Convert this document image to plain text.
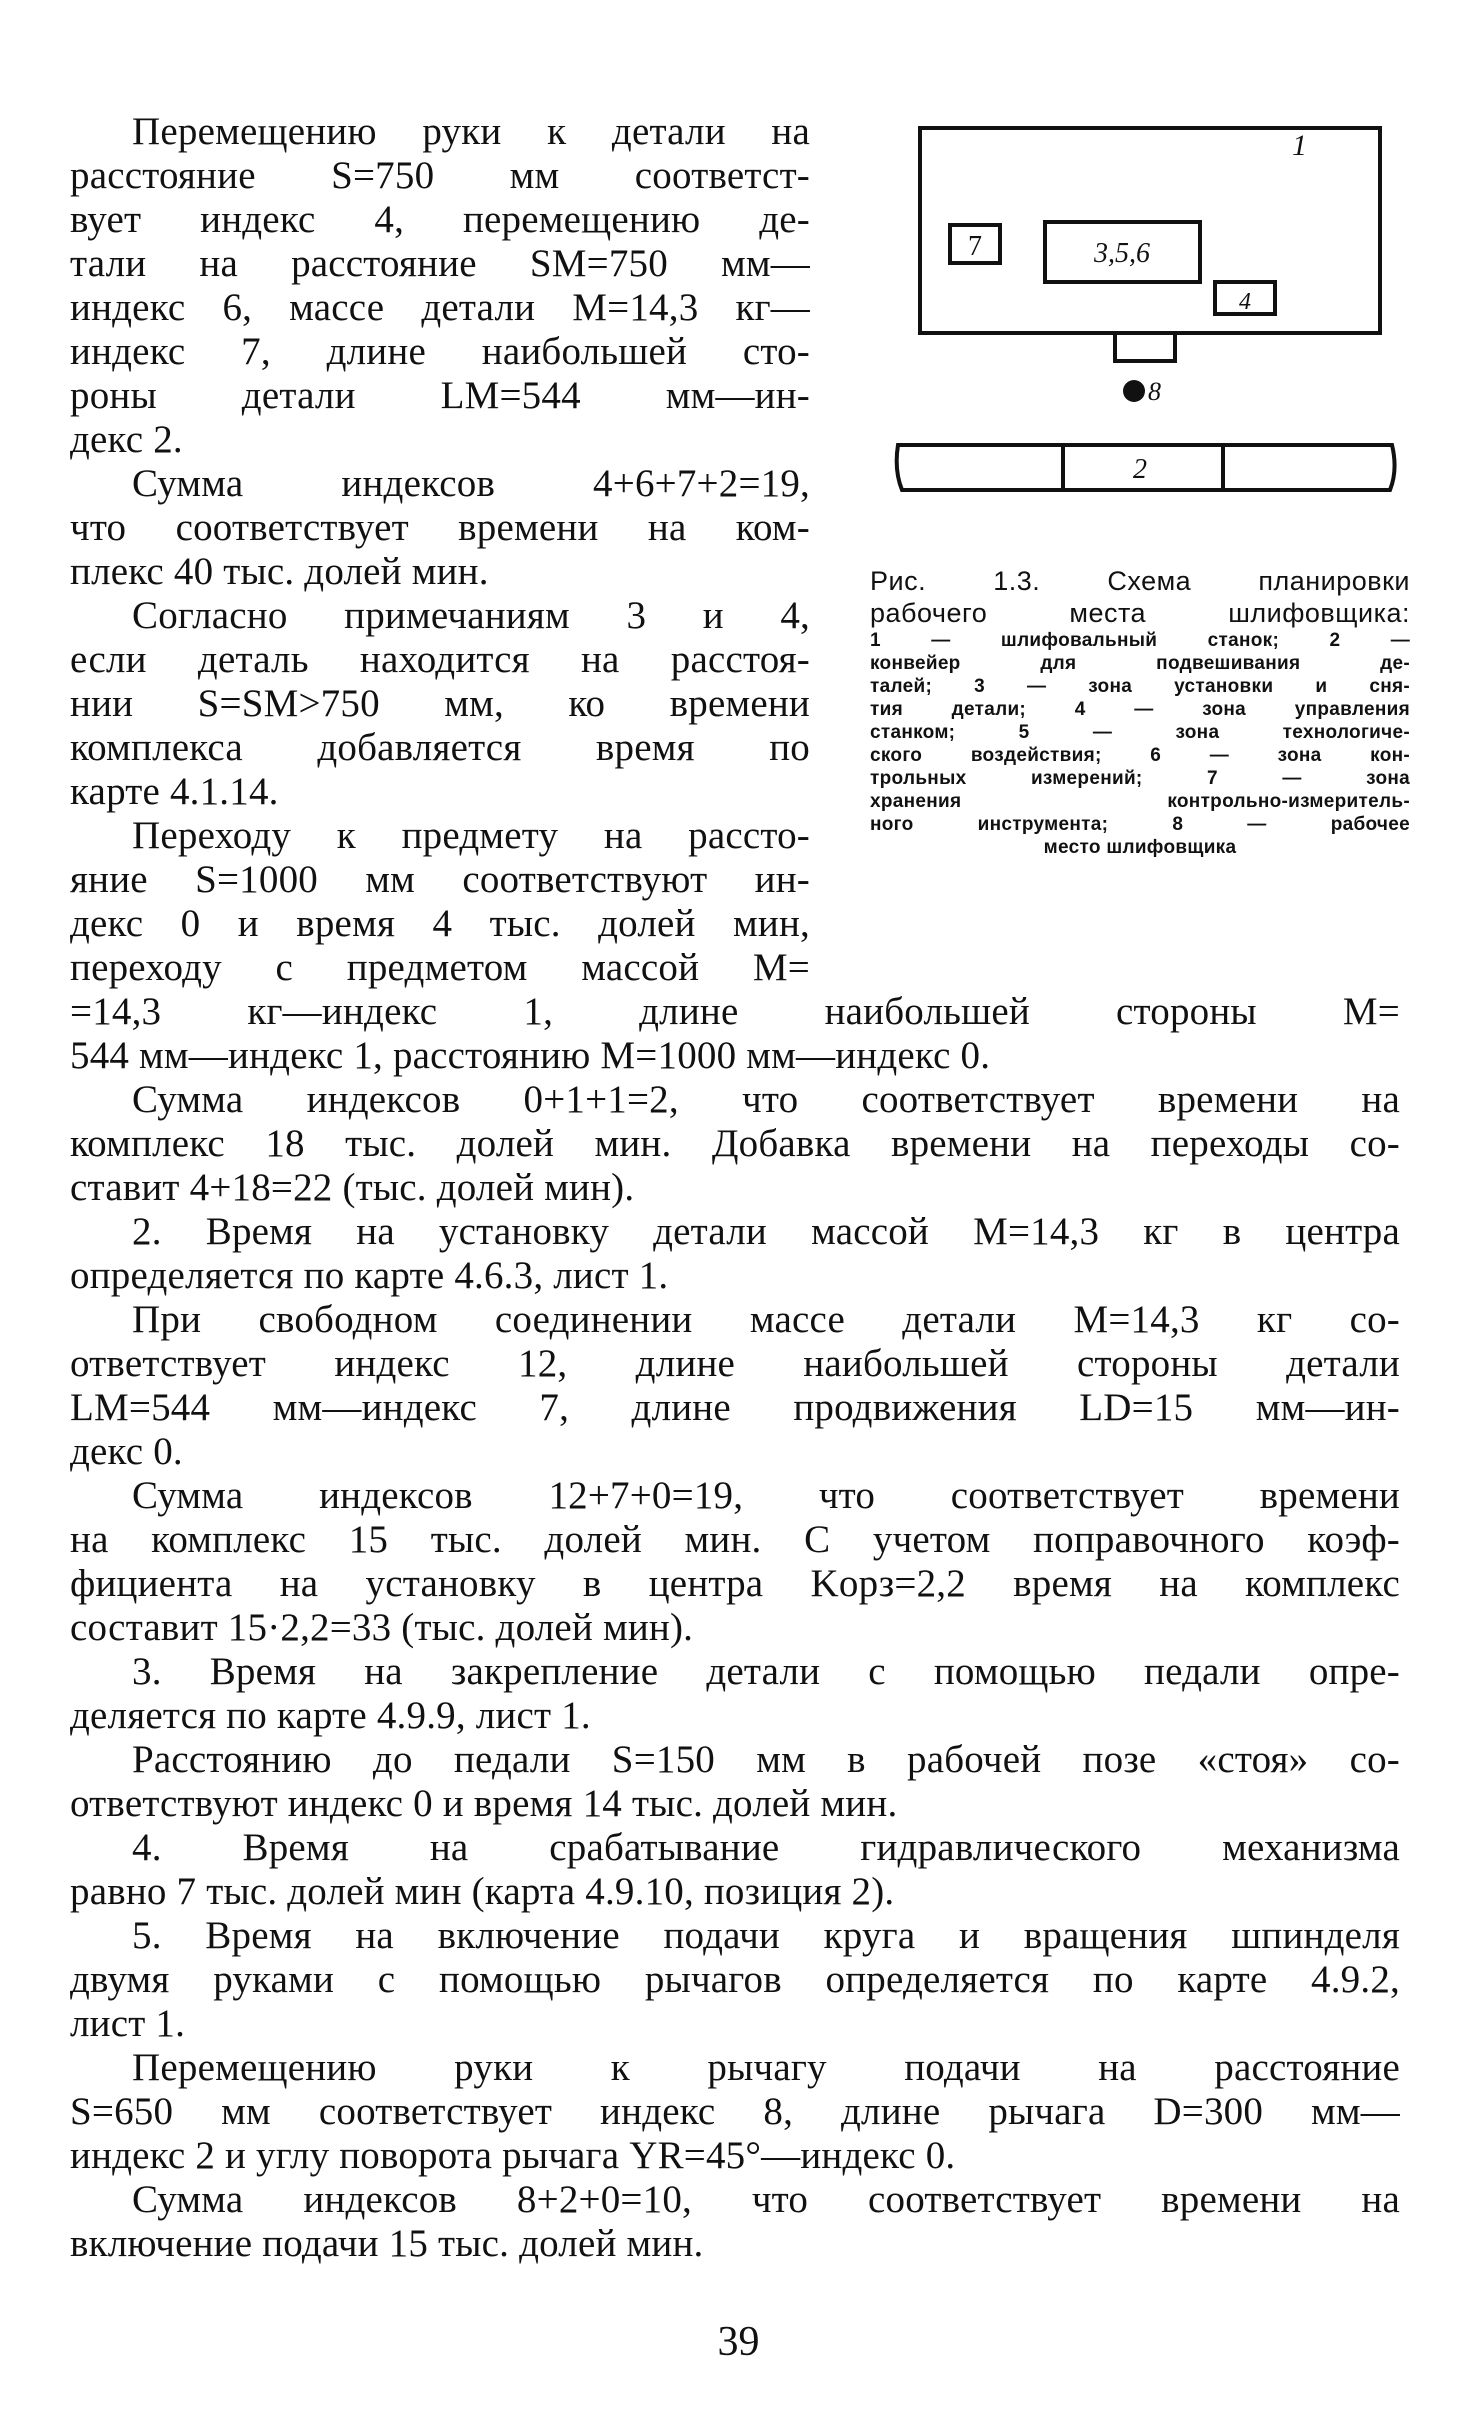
Перемещению руки к детали на
расстояние S=750 мм соответст-
вует индекс 4, перемещению де-
тали на расстояние SM=750 мм—
индекс 6, массе детали M=14,3 кг—
индекс 7, длине наибольшей сто-
роны детали LM=544 мм—ин-
декс 2.
Сумма индексов 4+6+7+2=19,
что соответствует времени на ком-
плекс 40 тыс. долей мин.
Согласно примечаниям 3 и 4,
если деталь находится на расстоя-
нии S=SM>750 мм, ко времени
комплекса добавляется время по
карте 4.1.14.
Переходу к предмету на рассто-
яние S=1000 мм соответствуют ин-
декс 0 и время 4 тыс. долей мин,
переходу с предметом массой M=
=14,3 кг—индекс 1, длине наибольшей стороны M=
544 мм—индекс 1, расстоянию M=1000 мм—индекс 0.
Сумма индексов 0+1+1=2, что соответствует времени на
комплекс 18 тыс. долей мин. Добавка времени на переходы со-
ставит 4+18=22 (тыс. долей мин).
2. Время на установку детали массой M=14,3 кг в центра
определяется по карте 4.6.3, лист 1.
При свободном соединении массе детали M=14,3 кг со-
ответствует индекс 12, длине наибольшей стороны детали
LM=544 мм—индекс 7, длине продвижения LD=15 мм—ин-
декс 0.
Сумма индексов 12+7+0=19, что соответствует времени
на комплекс 15 тыс. долей мин. С учетом поправочного коэф-
фициента на установку в центра Kорз=2,2 время на комплекс
составит 15·2,2=33 (тыс. долей мин).
3. Время на закрепление детали с помощью педали опре-
деляется по карте 4.9.9, лист 1.
Расстоянию до педали S=150 мм в рабочей позе «стоя» со-
ответствуют индекс 0 и время 14 тыс. долей мин.
4. Время на срабатывание гидравлического механизма
равно 7 тыс. долей мин (карта 4.9.10, позиция 2).
5. Время на включение подачи круга и вращения шпинделя
двумя руками с помощью рычагов определяется по карте 4.9.2,
лист 1.
Перемещению руки к рычагу подачи на расстояние
S=650 мм соответствует индекс 8, длине рычага D=300 мм—
индекс 2 и углу поворота рычага YR=45°—индекс 0.
Сумма индексов 8+2+0=10, что соответствует времени на
включение подачи 15 тыс. долей мин.
1
7	3,5,6
4
8
2
Рис. 1.3. Схема планировки
рабочего места шлифовщика:
1 — шлифовальный станок; 2 —
конвейер для подвешивания де-
талей; 3 — зона установки и сня-
тия детали; 4 — зона управления
станком; 5 — зона технологиче-
ского воздействия; 6 — зона кон-
трольных измерений; 7 — зона
хранения контрольно-измеритель-
ного инструмента; 8 — рабочее
место шлифовщика
39
